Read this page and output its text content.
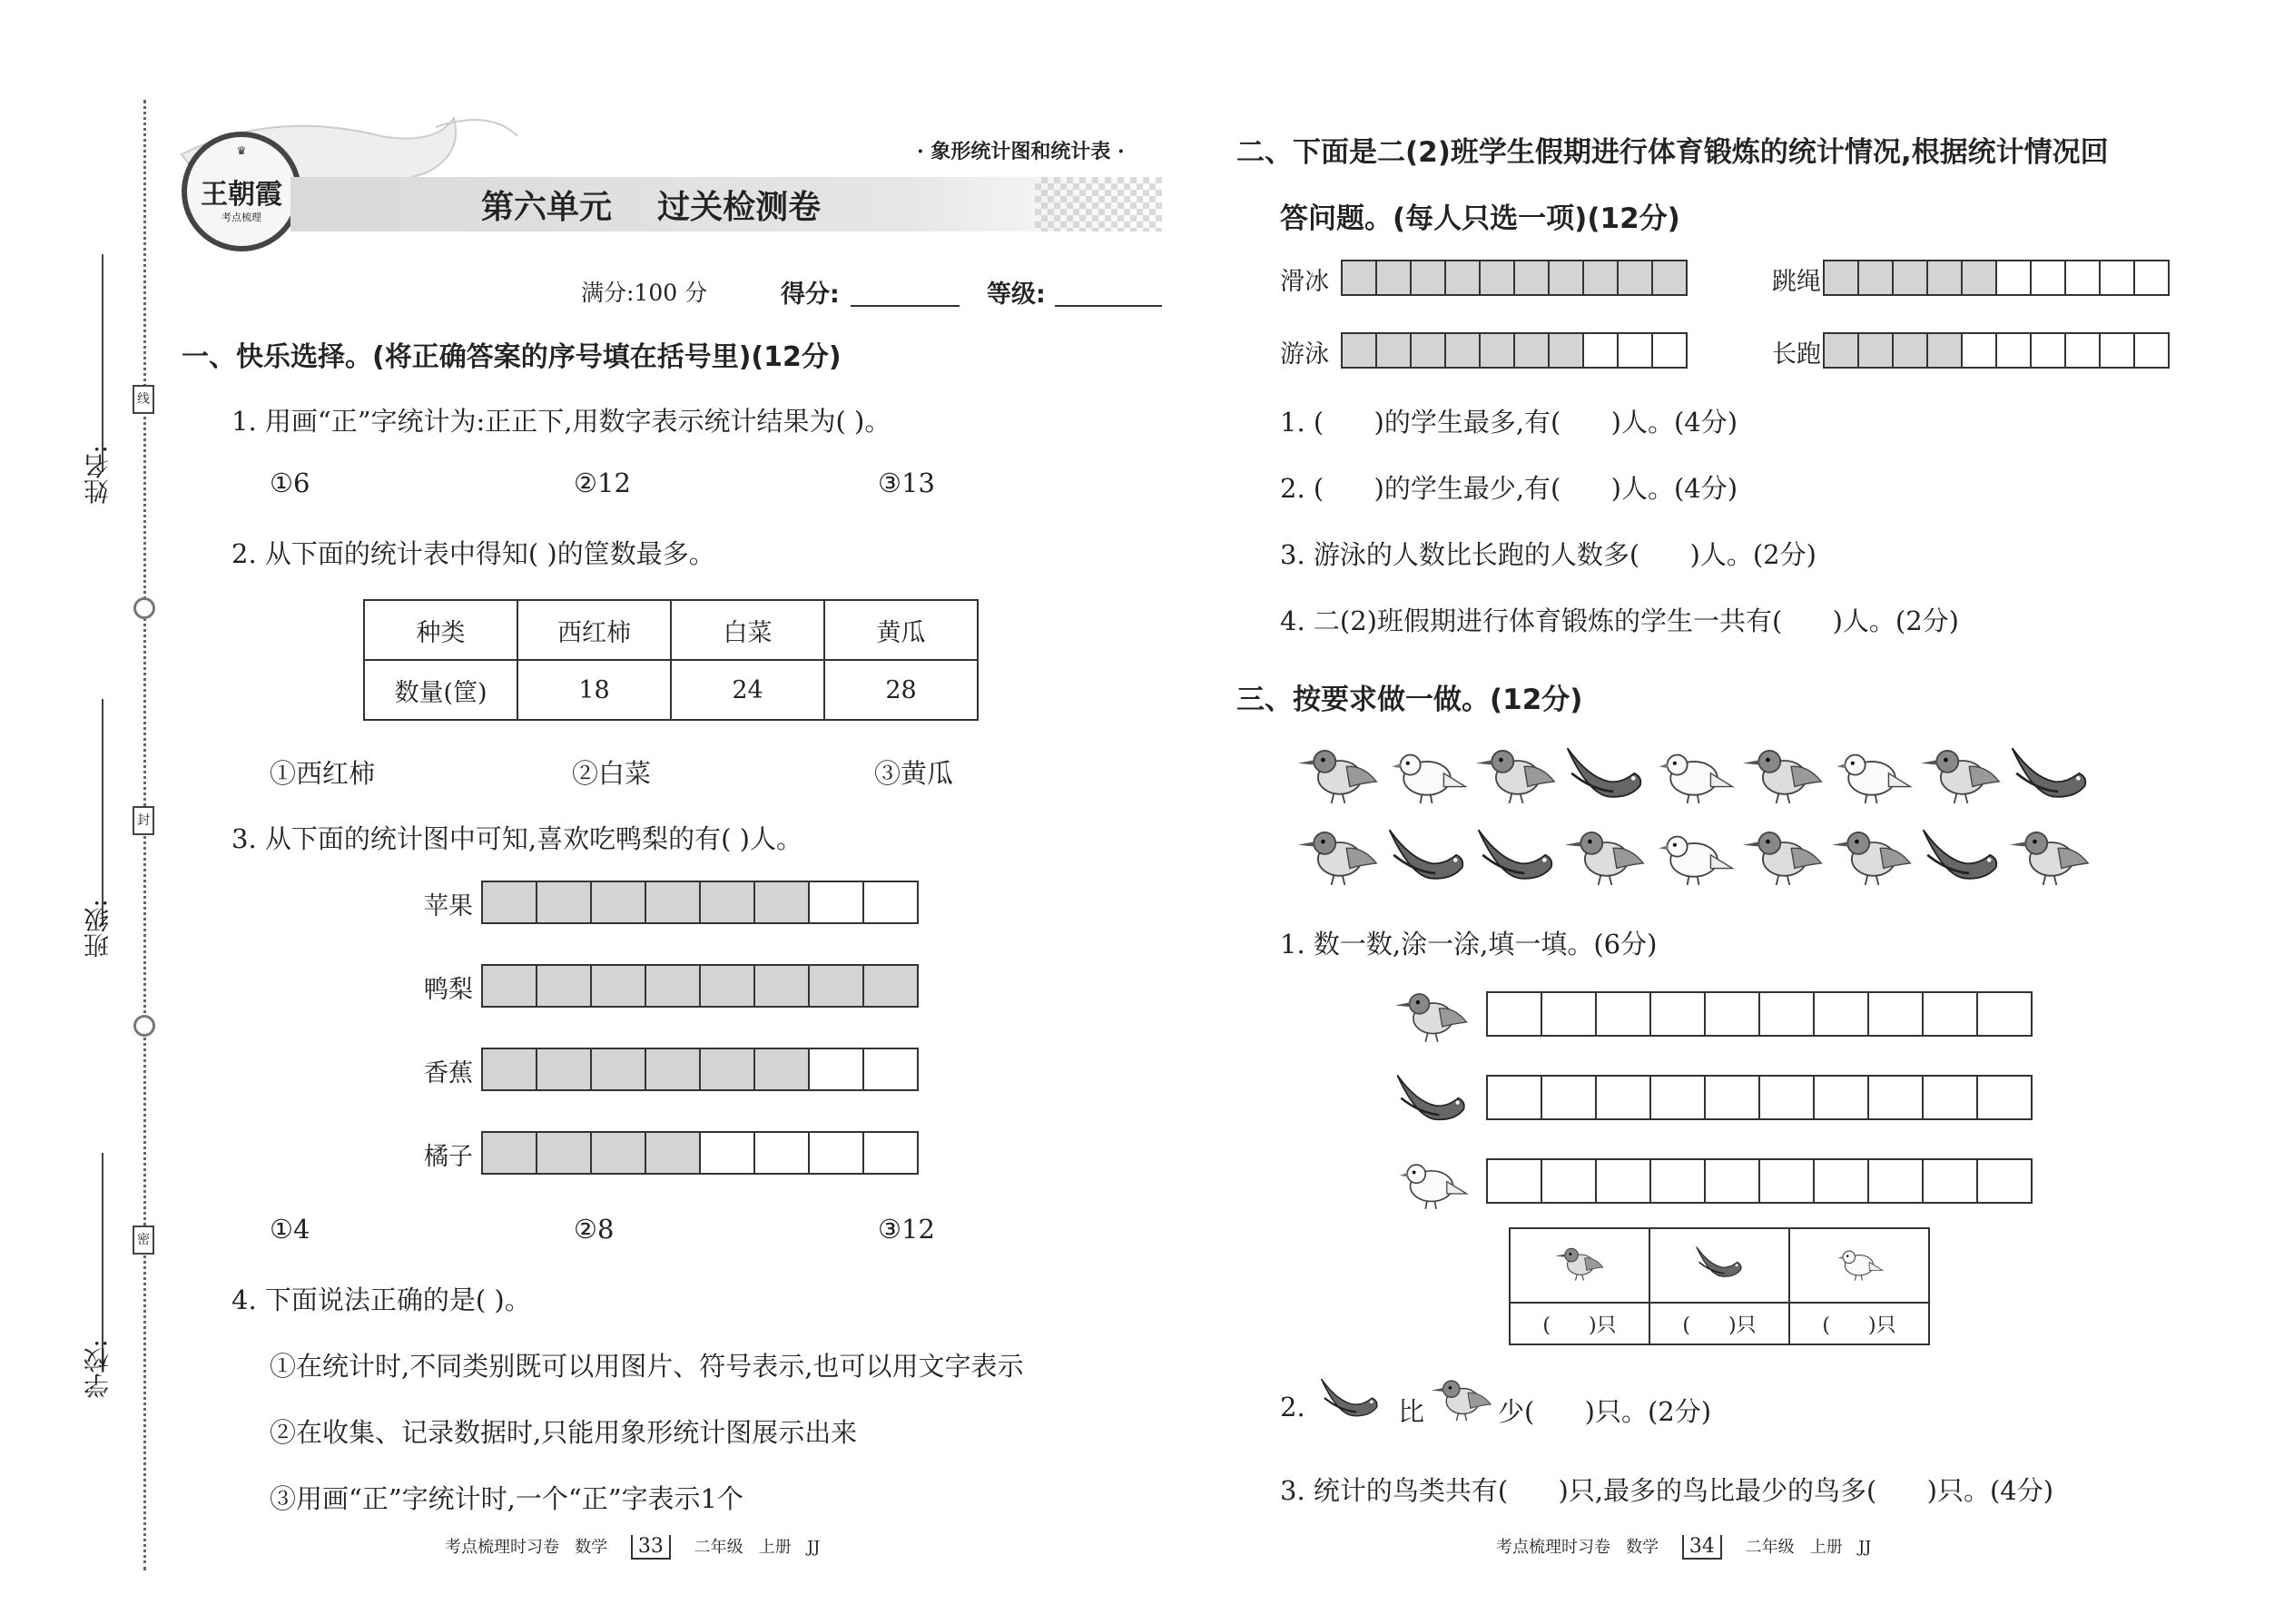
姓名:
班级:
学校:
线
封
密
♛
王朝霞
考点梳理
· 象形统计图和统计表 ·
第六单元    过关检测卷
满分:100 分	得分:	等级:
一、快乐选择。(将正确答案的序号填在括号里)(12分)
1. 用画“正”字统计为:正正下,用数字表示统计结果为( )。
①6	②12	③13
2. 从下面的统计表中得知( )的筐数最多。
种类	西红柿	白菜	黄瓜
数量(筐)	18	24	28
①西红柿	②白菜	③黄瓜
3. 从下面的统计图中可知,喜欢吃鸭梨的有( )人。
苹果
鸭梨
香蕉
橘子
①4	②8	③12
4. 下面说法正确的是( )。
①在统计时,不同类别既可以用图片、符号表示,也可以用文字表示
②在收集、记录数据时,只能用象形统计图展示出来
③用画“正”字统计时,一个“正”字表示1个
考点梳理时习卷   数学 33 二年级   上册   JJ
二、下面是二(2)班学生假期进行体育锻炼的统计情况,根据统计情况回
答问题。(每人只选一项)(12分)
滑冰	跳绳
游泳	长跑
1. (      )的学生最多,有(      )人。(4分)
2. (      )的学生最少,有(      )人。(4分)
3. 游泳的人数比长跑的人数多(      )人。(2分)
4. 二(2)班假期进行体育锻炼的学生一共有(      )人。(2分)
三、按要求做一做。(12分)
1. 数一数,涂一涂,填一填。(6分)

(      )只	(      )只	(      )只
2.	比	少(      )只。(2分)
3. 统计的鸟类共有(      )只,最多的鸟比最少的鸟多(      )只。(4分)
考点梳理时习卷   数学 34 二年级   上册   JJ
